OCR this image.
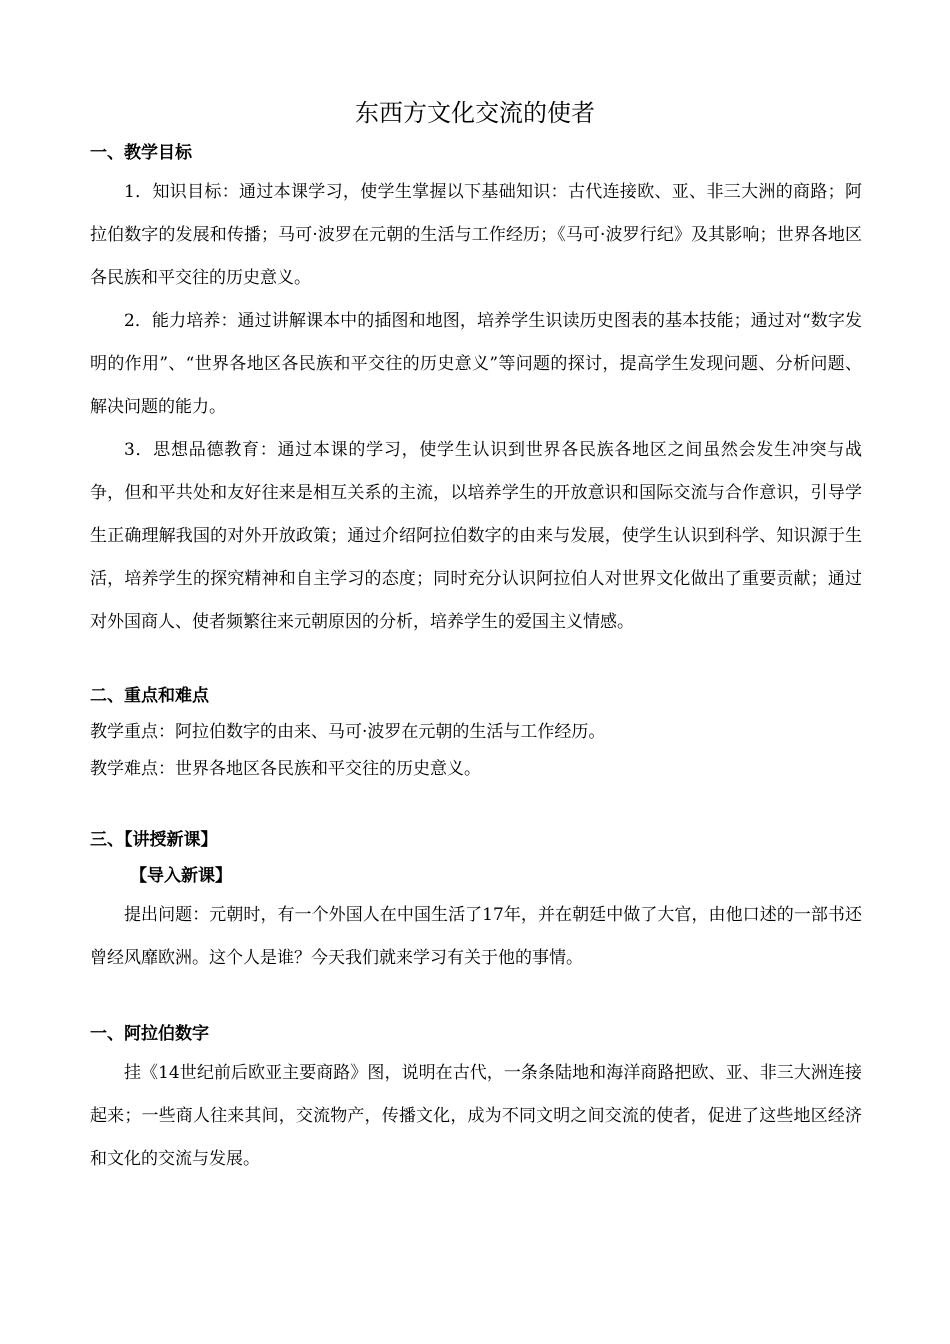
东西方文化交流的使者
一、教学目标

1．知识目标：通过本课学习，使学生掌握以下基础知识：古代连接欧、亚、非三大洲的商路；阿拉伯数字的发展和传播；马可·波罗在元朝的生活与工作经历；《马可·波罗行纪》及其影响；世界各地区各民族和平交往的历史意义。

2．能力培养：通过讲解课本中的插图和地图，培养学生识读历史图表的基本技能；通过对“数字发明的作用”、“世界各地区各民族和平交往的历史意义”等问题的探讨，提高学生发现问题、分析问题、解决问题的能力。

3．思想品德教育：通过本课的学习，使学生认识到世界各民族各地区之间虽然会发生冲突与战争，但和平共处和友好往来是相互关系的主流，以培养学生的开放意识和国际交流与合作意识，引导学生正确理解我国的对外开放政策；通过介绍阿拉伯数字的由来与发展，使学生认识到科学、知识源于生活，培养学生的探究精神和自主学习的态度；同时充分认识阿拉伯人对世界文化做出了重要贡献；通过对外国商人、使者频繁往来元朝原因的分析，培养学生的爱国主义情感。

二、重点和难点

教学重点：阿拉伯数字的由来、马可·波罗在元朝的生活与工作经历。

教学难点：世界各地区各民族和平交往的历史意义。

三、【讲授新课】
【导入新课】

提出问题：元朝时，有一个外国人在中国生活了17年，并在朝廷中做了大官，由他口述的一部书还曾经风靡欧洲。这个人是谁？今天我们就来学习有关于他的事情。

一、阿拉伯数字

挂《14世纪前后欧亚主要商路》图，说明在古代，一条条陆地和海洋商路把欧、亚、非三大洲连接起来；一些商人往来其间，交流物产，传播文化，成为不同文明之间交流的使者，促进了这些地区经济和文化的交流与发展。
